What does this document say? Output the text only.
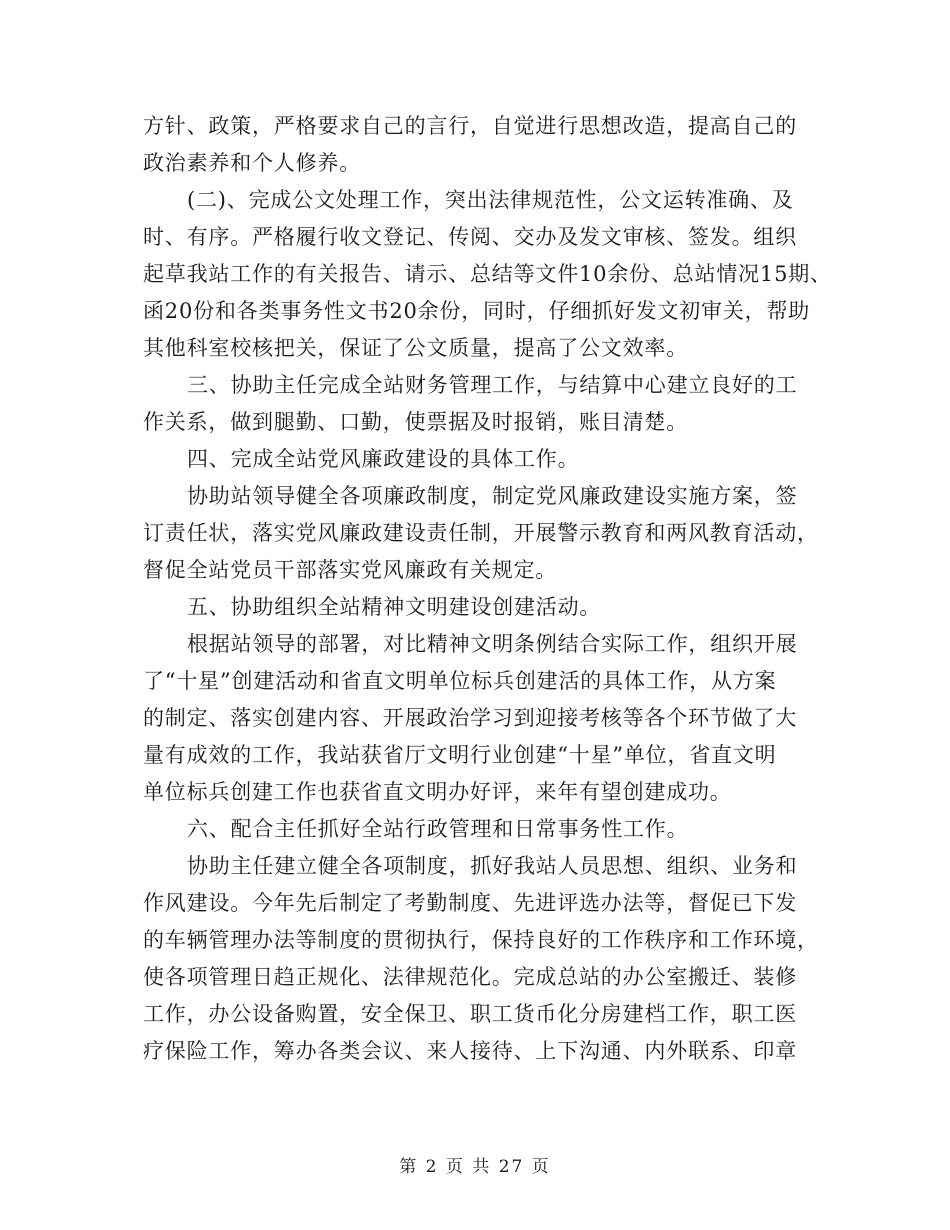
方针、政策，严格要求自己的言行，自觉进行思想改造，提高自己的
政治素养和个人修养。
(二)、完成公文处理工作，突出法律规范性，公文运转准确、及
时、有序。严格履行收文登记、传阅、交办及发文审核、签发。组织
起草我站工作的有关报告、请示、总结等文件10余份、总站情况15期、
函20份和各类事务性文书20余份，同时，仔细抓好发文初审关，帮助
其他科室校核把关，保证了公文质量，提高了公文效率。
三、协助主任完成全站财务管理工作，与结算中心建立良好的工
作关系，做到腿勤、口勤，使票据及时报销，账目清楚。
四、完成全站党风廉政建设的具体工作。
协助站领导健全各项廉政制度，制定党风廉政建设实施方案，签
订责任状，落实党风廉政建设责任制，开展警示教育和两风教育活动，
督促全站党员干部落实党风廉政有关规定。
五、协助组织全站精神文明建设创建活动。
根据站领导的部署，对比精神文明条例结合实际工作，组织开展
了“十星”创建活动和省直文明单位标兵创建活的具体工作，从方案
的制定、落实创建内容、开展政治学习到迎接考核等各个环节做了大
量有成效的工作，我站获省厅文明行业创建“十星”单位，省直文明
单位标兵创建工作也获省直文明办好评，来年有望创建成功。
六、配合主任抓好全站行政管理和日常事务性工作。
协助主任建立健全各项制度，抓好我站人员思想、组织、业务和
作风建设。今年先后制定了考勤制度、先进评选办法等，督促已下发
的车辆管理办法等制度的贯彻执行，保持良好的工作秩序和工作环境，
使各项管理日趋正规化、法律规范化。完成总站的办公室搬迁、装修
工作，办公设备购置，安全保卫、职工货币化分房建档工作，职工医
疗保险工作，筹办各类会议、来人接待、上下沟通、内外联系、印章
第 2 页 共 27 页
